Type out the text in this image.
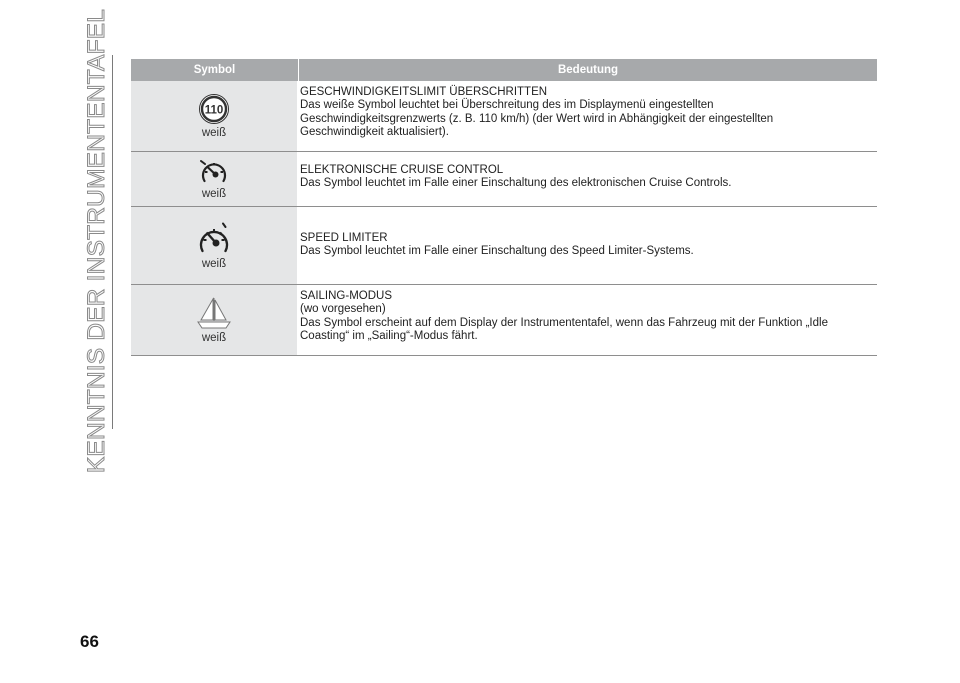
KENNTNIS DER INSTRUMENTENTAFEL	Symbol	Bedeutung
110
weiß
GESCHWINDIGKEITSLIMIT ÜBERSCHRITTEN
Das weiße Symbol leuchtet bei Überschreitung des im Displaymenü eingestellten
Geschwindigkeitsgrenzwerts (z. B. 110 km/h) (der Wert wird in Abhängigkeit der eingestellten
Geschwindigkeit aktualisiert).
weiß
ELEKTRONISCHE CRUISE CONTROL
Das Symbol leuchtet im Falle einer Einschaltung des elektronischen Cruise Controls.
weiß
SPEED LIMITER
Das Symbol leuchtet im Falle einer Einschaltung des Speed Limiter-Systems.
weiß
SAILING-MODUS
(wo vorgesehen)
Das Symbol erscheint auf dem Display der Instrumententafel, wenn das Fahrzeug mit der Funktion „Idle
Coasting“ im „Sailing“-Modus fährt.
66
